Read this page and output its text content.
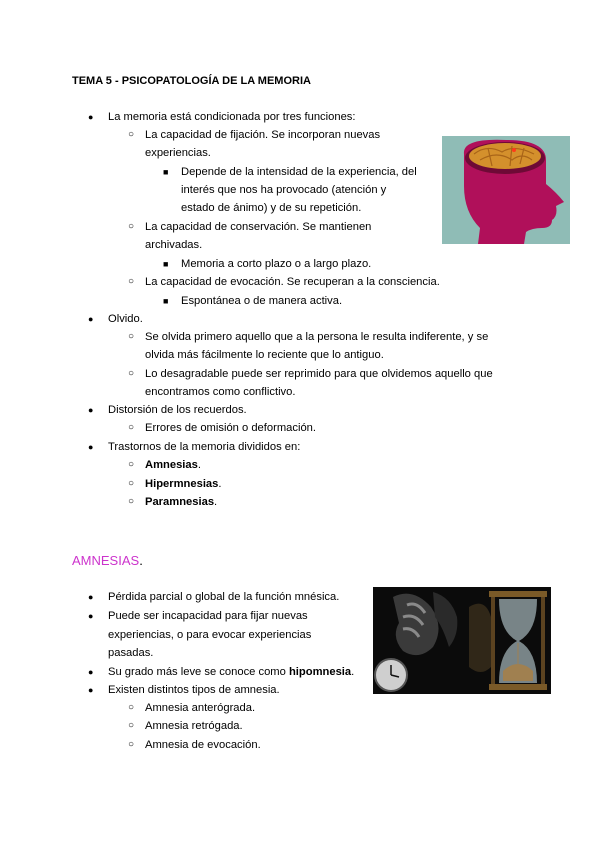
TEMA 5 - PSICOPATOLOGÍA DE LA MEMORIA
● La memoria está condicionada por tres funciones:
○ La capacidad de fijación. Se incorporan nuevas
experiencias.
■ Depende de la intensidad de la experiencia, del
interés que nos ha provocado (atención y
estado de ánimo) y de su repetición.
○ La capacidad de conservación. Se mantienen
archivadas.
■ Memoria a corto plazo o a largo plazo.
○ La capacidad de evocación. Se recuperan a la consciencia.
■ Espontánea o de manera activa.
● Olvido.
○ Se olvida primero aquello que a la persona le resulta indiferente, y se
olvida más fácilmente lo reciente que lo antiguo.
○ Lo desagradable puede ser reprimido para que olvidemos aquello que
encontramos como conflictivo.
● Distorsión de los recuerdos.
○ Errores de omisión o deformación.
● Trastornos de la memoria divididos en:
○ Amnesias.
○ Hipermnesias.
○ Paramnesias.
AMNESIAS.
● Pérdida parcial o global de la función mnésica.
● Puede ser incapacidad para fijar nuevas
experiencias, o para evocar experiencias
pasadas.
● Su grado más leve se conoce como hipomnesia.
● Existen distintos tipos de amnesia.
○ Amnesia anterógrada.
○ Amnesia retrógada.
○ Amnesia de evocación.
